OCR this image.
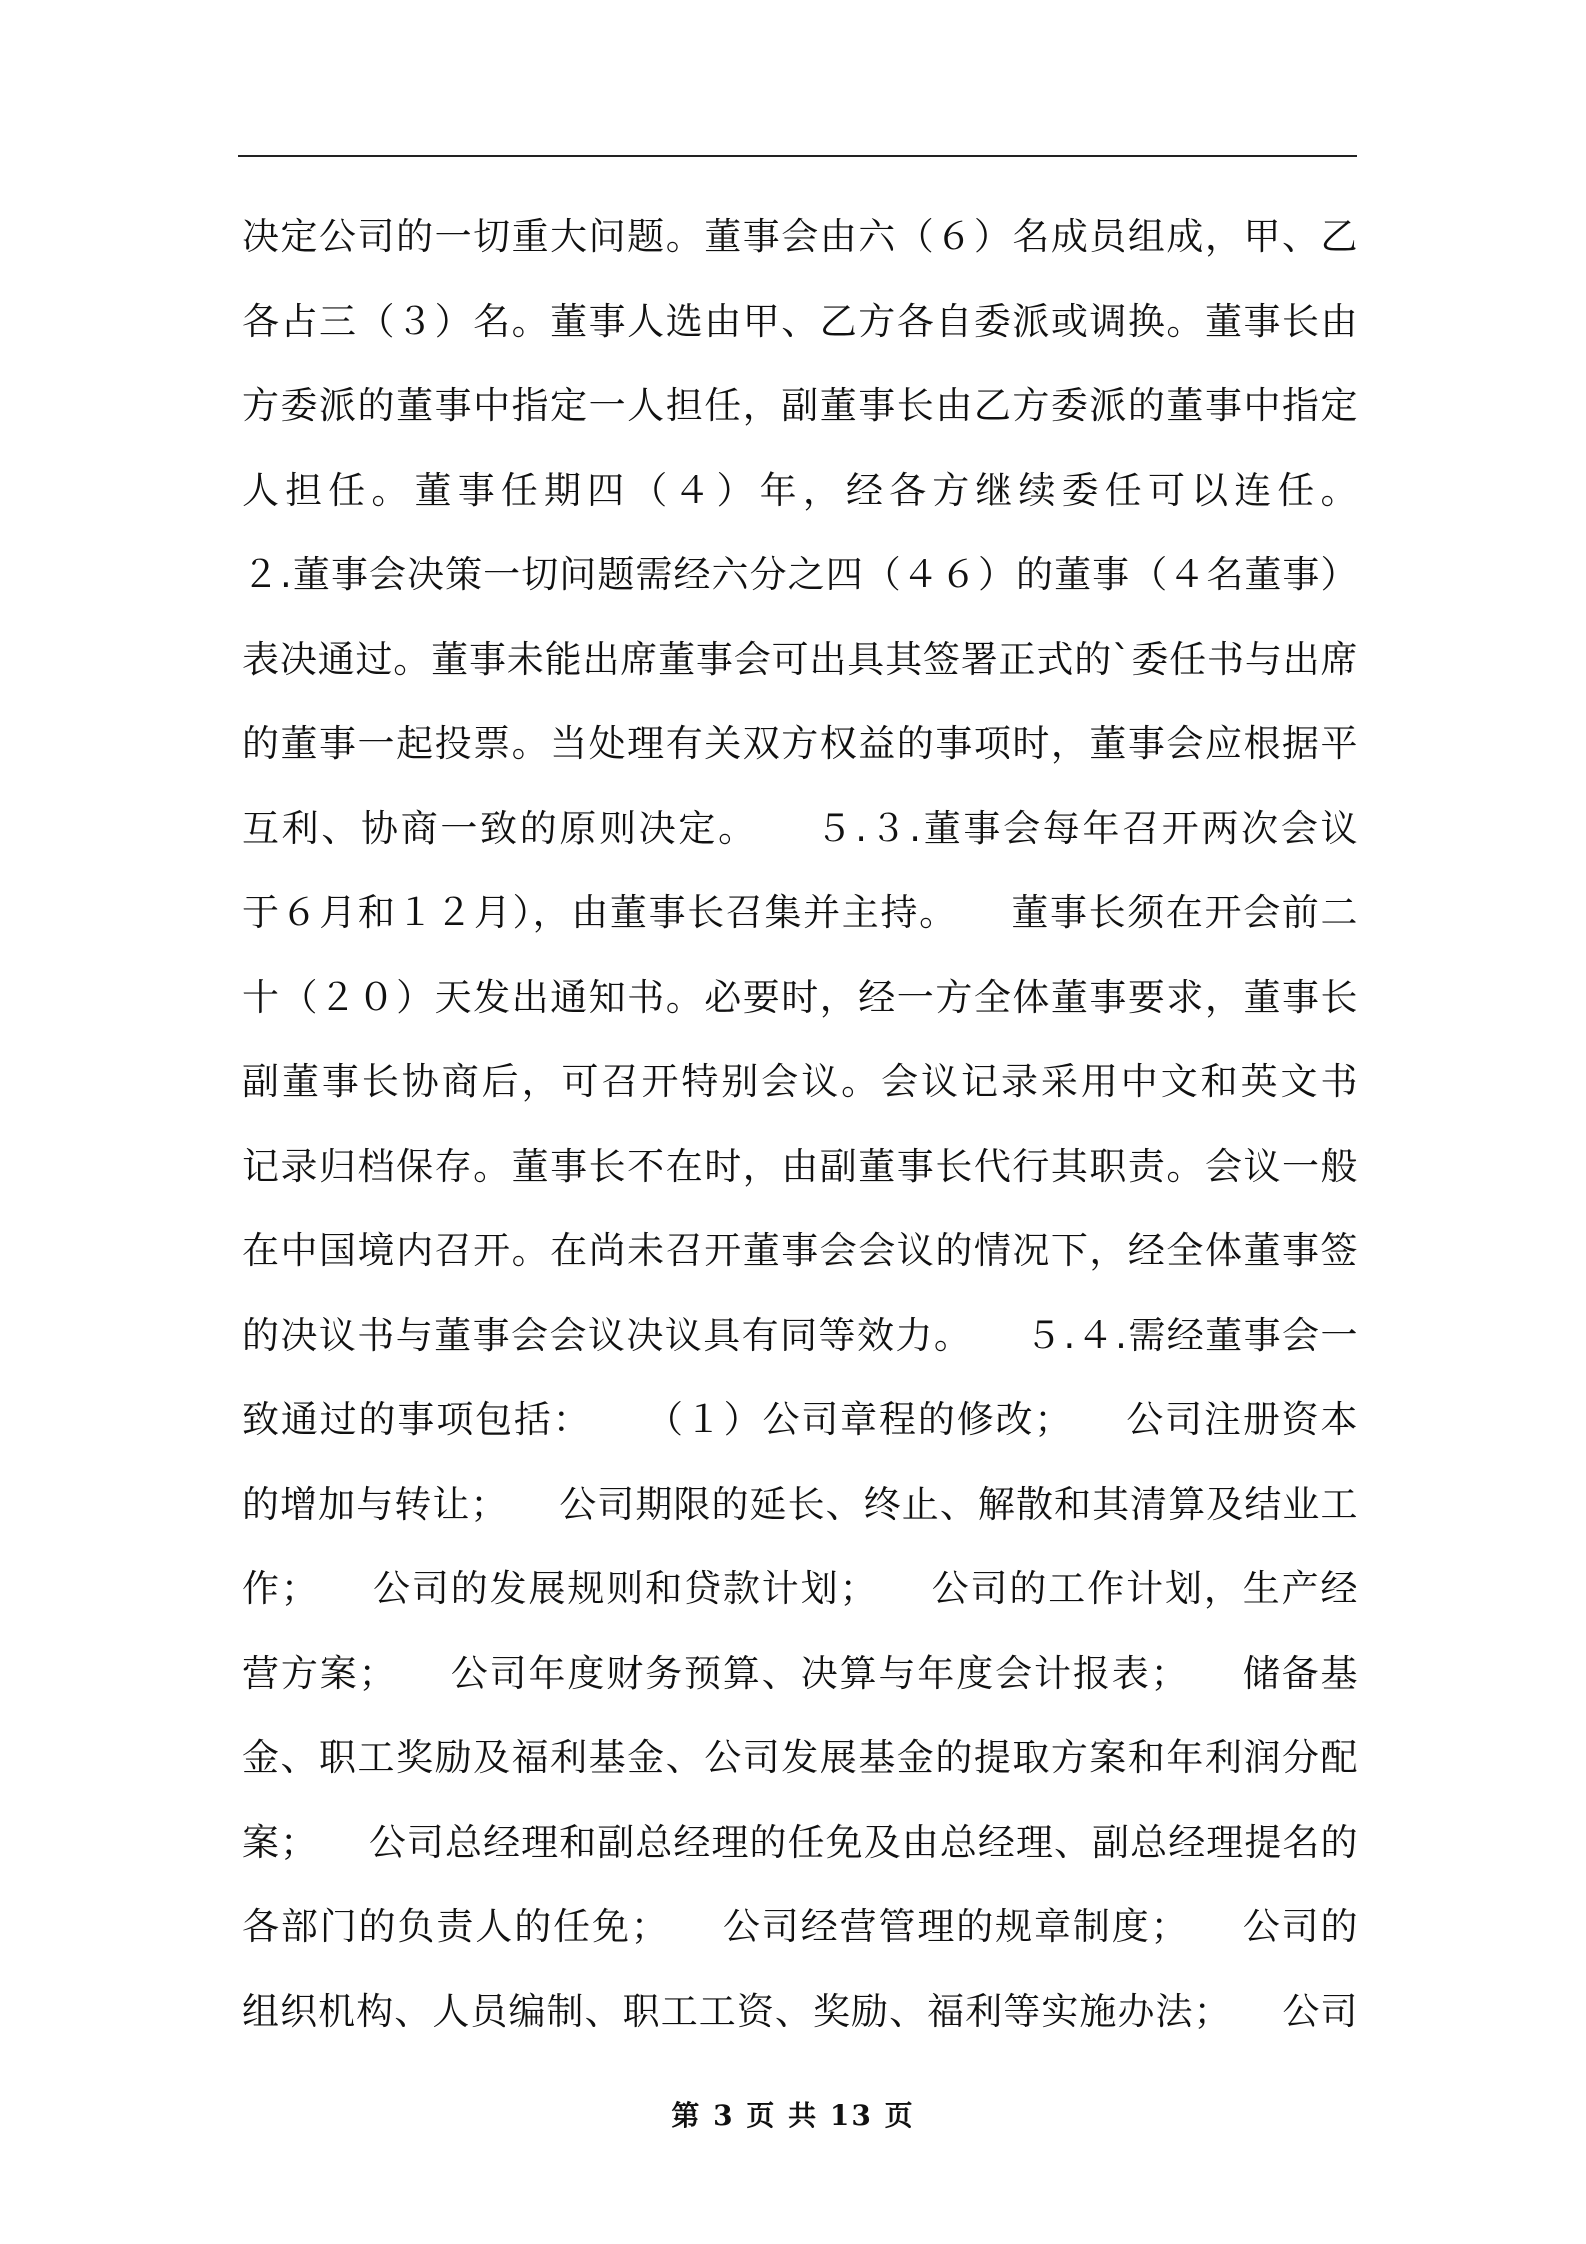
决定公司的一切重大问题。董事会由六（６）名成员组成，甲、乙
各占三（３）名。董事人选由甲、乙方各自委派或调换。董事长由
方委派的董事中指定一人担任，副董事长由乙方委派的董事中指定
人担任。董事任期四（４）年，经各方继续委任可以连任。
２.董事会决策一切问题需经六分之四（４６）的董事（４名董事）
表决通过。董事未能出席董事会可出具其签署正式的`委任书与出席
的董事一起投票。当处理有关双方权益的事项时，董事会应根据平
互利、协商一致的原则决定。    ５.３.董事会每年召开两次会议
于６月和１２月），由董事长召集并主持。    董事长须在开会前二
十（２０）天发出通知书。必要时，经一方全体董事要求，董事长
副董事长协商后，可召开特别会议。会议记录采用中文和英文书
记录归档保存。董事长不在时，由副董事长代行其职责。会议一般
在中国境内召开。在尚未召开董事会会议的情况下，经全体董事签
的决议书与董事会会议决议具有同等效力。    ５.４.需经董事会一
致通过的事项包括：    （１）公司章程的修改；    公司注册资本
的增加与转让；    公司期限的延长、终止、解散和其清算及结业工
作；    公司的发展规则和贷款计划；    公司的工作计划，生产经
营方案；    公司年度财务预算、决算与年度会计报表；    储备基
金、职工奖励及福利基金、公司发展基金的提取方案和年利润分配
案；    公司总经理和副总经理的任免及由总经理、副总经理提名的
各部门的负责人的任免；    公司经营管理的规章制度；    公司的
组织机构、人员编制、职工工资、奖励、福利等实施办法；    公司
第 3 页 共 13 页
